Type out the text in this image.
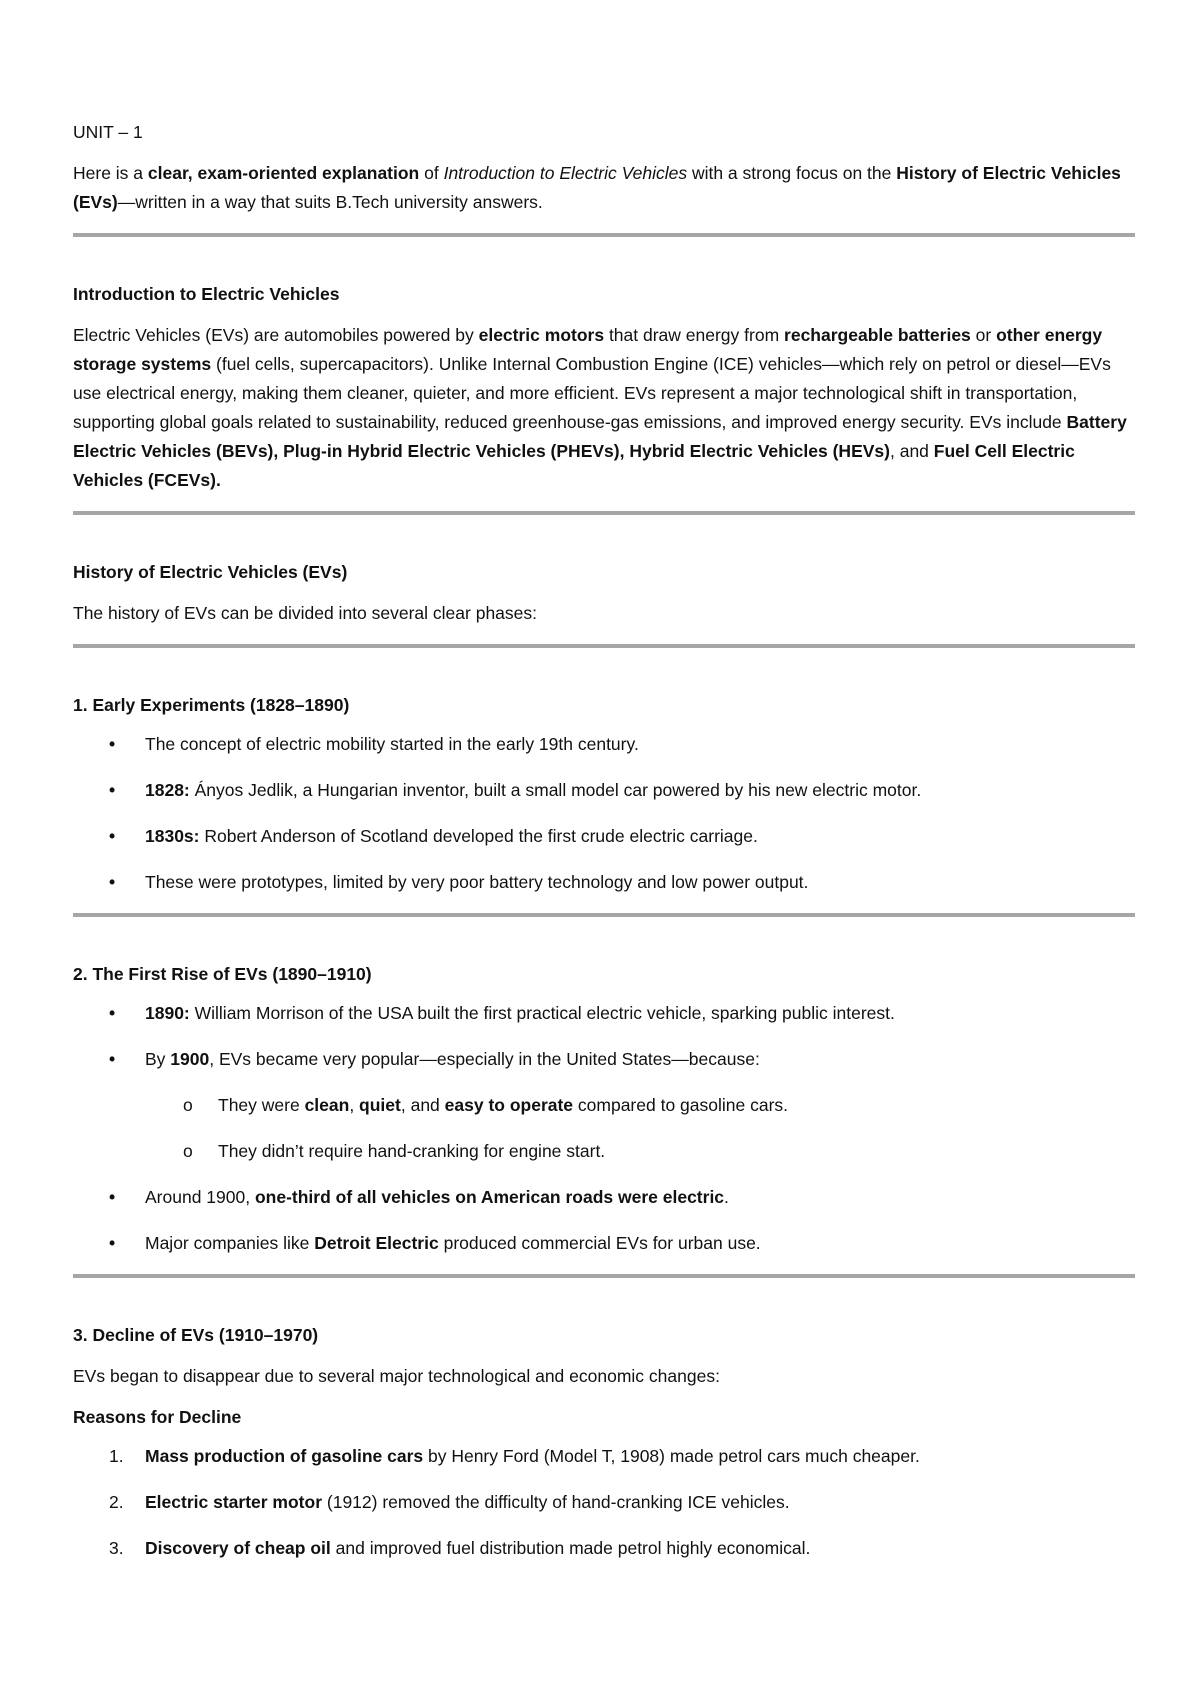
UNIT – 1

Here is a clear, exam-oriented explanation of Introduction to Electric Vehicles with a strong focus on the History of Electric Vehicles (EVs)—written in a way that suits B.Tech university answers.

Introduction to Electric Vehicles

Electric Vehicles (EVs) are automobiles powered by electric motors that draw energy from rechargeable batteries or other energy storage systems (fuel cells, supercapacitors). Unlike Internal Combustion Engine (ICE) vehicles—which rely on petrol or diesel—EVs use electrical energy, making them cleaner, quieter, and more efficient. EVs represent a major technological shift in transportation, supporting global goals related to sustainability, reduced greenhouse-gas emissions, and improved energy security. EVs include Battery Electric Vehicles (BEVs), Plug-in Hybrid Electric Vehicles (PHEVs), Hybrid Electric Vehicles (HEVs), and Fuel Cell Electric Vehicles (FCEVs).

History of Electric Vehicles (EVs)

The history of EVs can be divided into several clear phases:

1. Early Experiments (1828–1890)
• The concept of electric mobility started in the early 19th century.
• 1828: Ányos Jedlik, a Hungarian inventor, built a small model car powered by his new electric motor.
• 1830s: Robert Anderson of Scotland developed the first crude electric carriage.
• These were prototypes, limited by very poor battery technology and low power output.
2. The First Rise of EVs (1890–1910)
• 1890: William Morrison of the USA built the first practical electric vehicle, sparking public interest.
• By 1900, EVs became very popular—especially in the United States—because:
o They were clean, quiet, and easy to operate compared to gasoline cars.
o They didn’t require hand-cranking for engine start.
• Around 1900, one-third of all vehicles on American roads were electric.
• Major companies like Detroit Electric produced commercial EVs for urban use.
3. Decline of EVs (1910–1970)

EVs began to disappear due to several major technological and economic changes:

Reasons for Decline
1. Mass production of gasoline cars by Henry Ford (Model T, 1908) made petrol cars much cheaper.
2. Electric starter motor (1912) removed the difficulty of hand-cranking ICE vehicles.
3. Discovery of cheap oil and improved fuel distribution made petrol highly economical.
